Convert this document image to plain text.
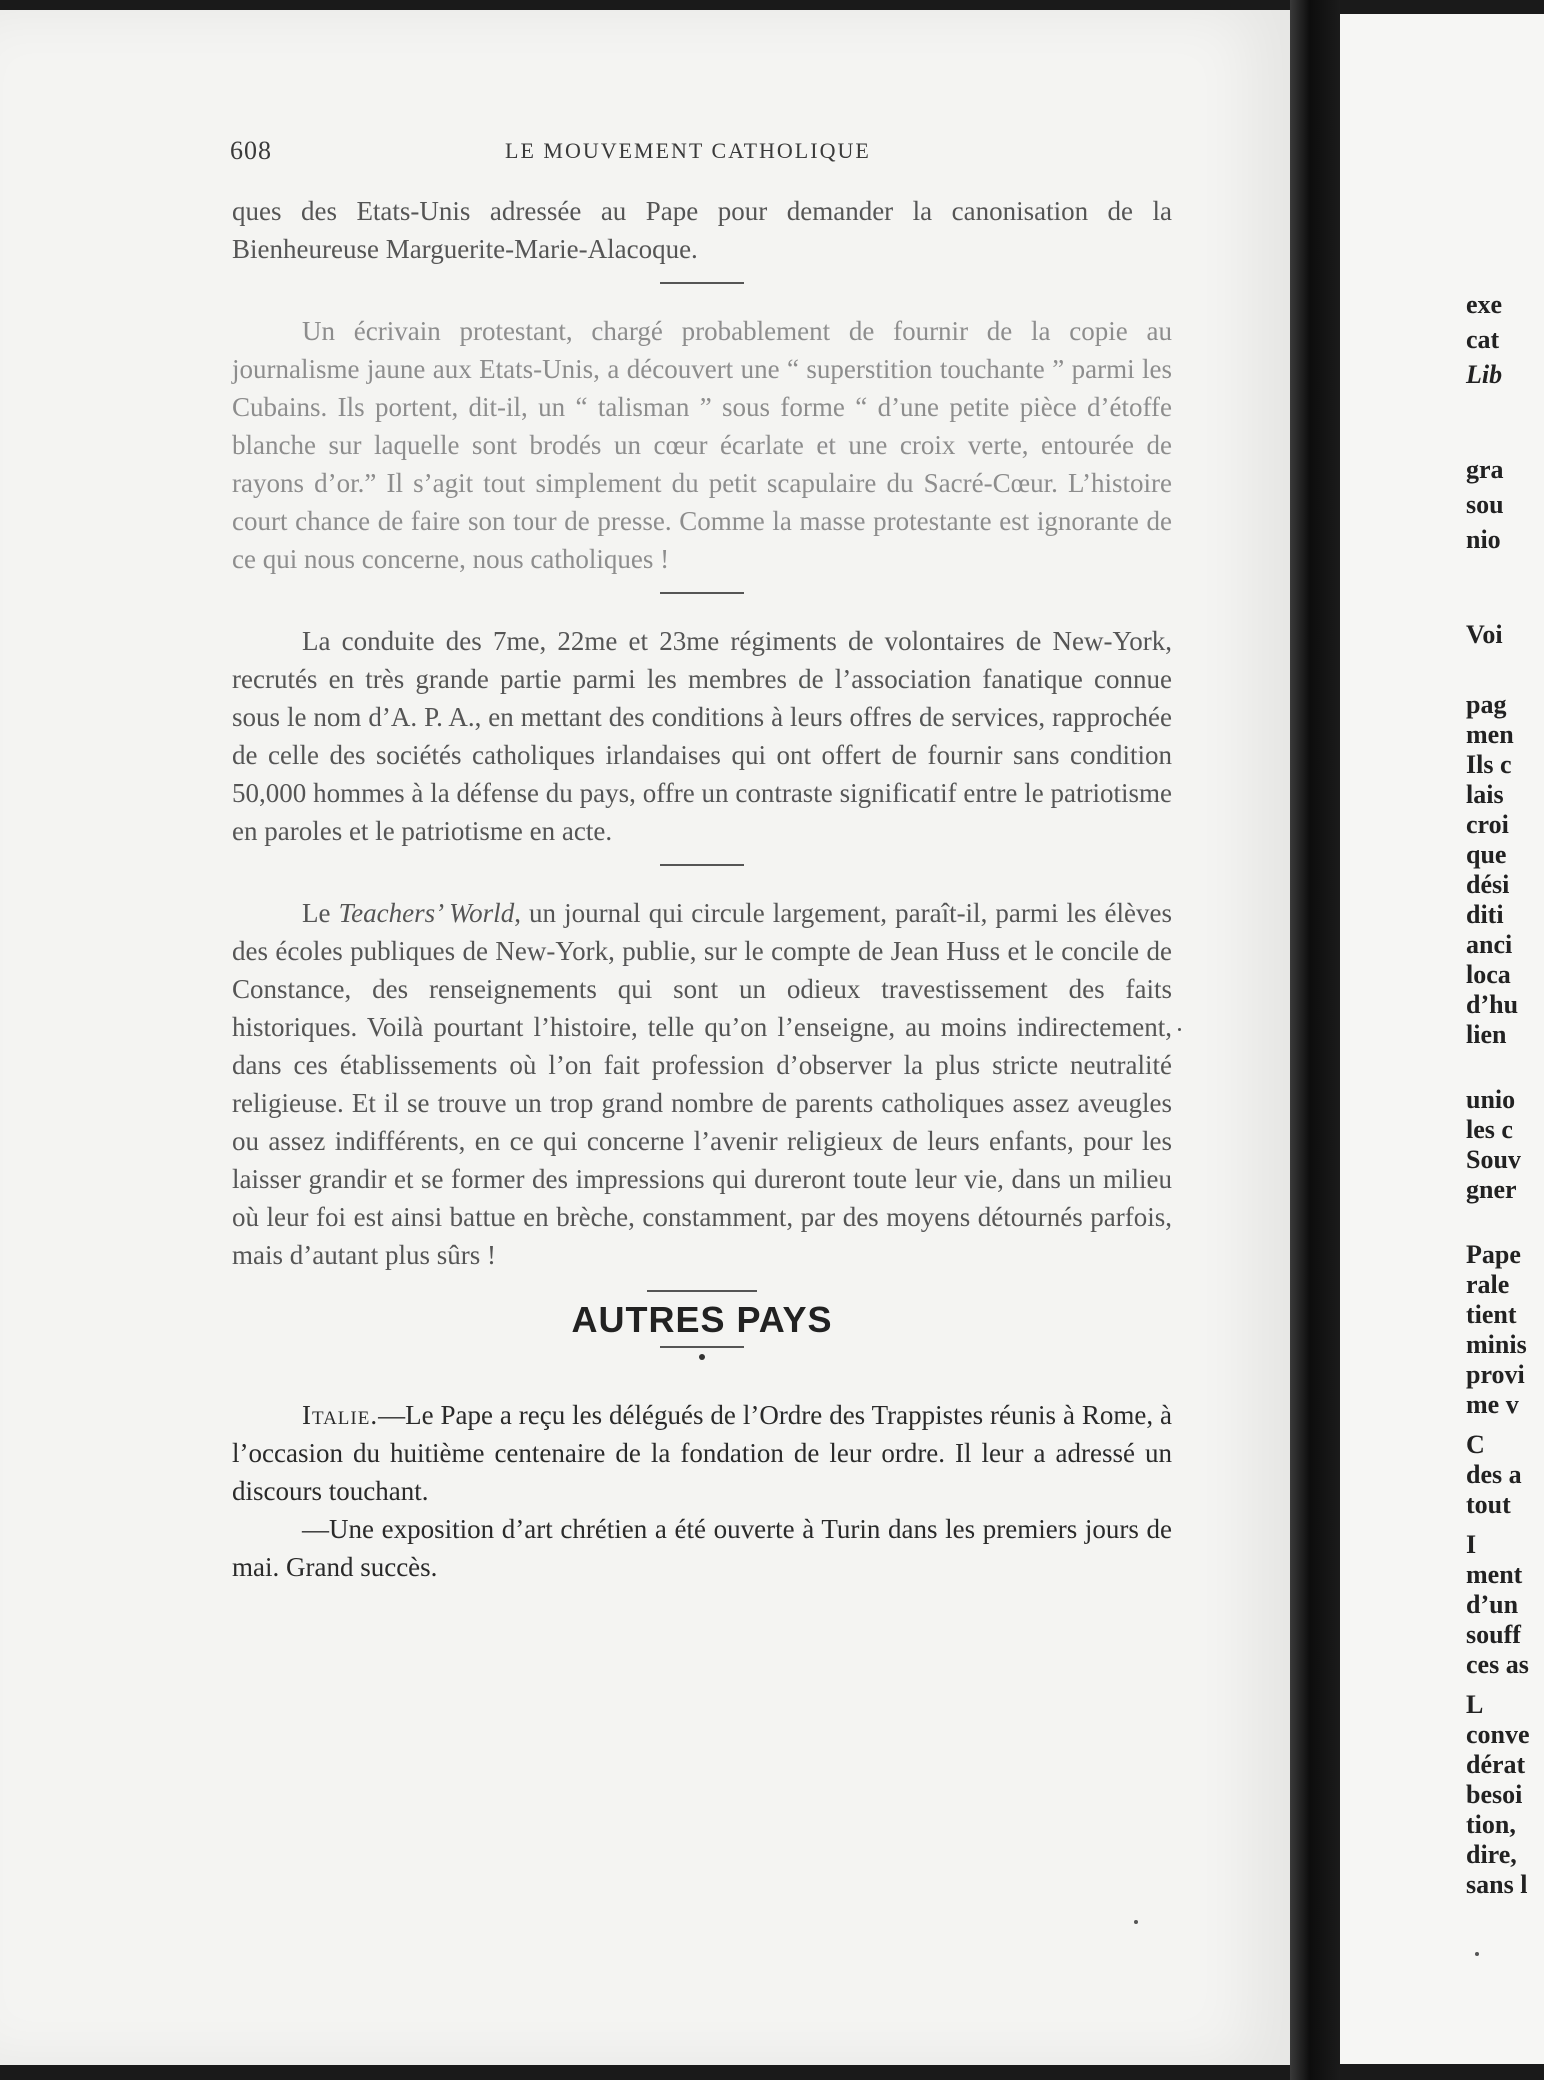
608	LE MOUVEMENT CATHOLIQUE

ques des Etats-Unis adressée au Pape pour demander la canonisation de la Bienheureuse Marguerite-Marie-Alacoque.

Un écrivain protestant, chargé probablement de fournir de la copie au journalisme jaune aux Etats-Unis, a découvert une “ superstition touchante ” parmi les Cubains. Ils portent, dit-il, un “ talisman ” sous forme “ d’une petite pièce d’étoffe blanche sur laquelle sont brodés un cœur écarlate et une croix verte, entourée de rayons d’or.” Il s’agit tout simplement du petit scapulaire du Sacré-Cœur. L’histoire court chance de faire son tour de presse. Comme la masse protestante est ignorante de ce qui nous concerne, nous catholiques !

La conduite des 7me, 22me et 23me régiments de volontaires de New-York, recrutés en très grande partie parmi les membres de l’association fanatique connue sous le nom d’A. P. A., en mettant des conditions à leurs offres de services, rapprochée de celle des sociétés catholiques irlandaises qui ont offert de fournir sans condition 50,000 hommes à la défense du pays, offre un contraste significatif entre le patriotisme en paroles et le patriotisme en acte.

Le Teachers’ World, un journal qui circule largement, paraît-il, parmi les élèves des écoles publiques de New-York, publie, sur le compte de Jean Huss et le concile de Constance, des renseignements qui sont un odieux travestissement des faits historiques. Voilà pourtant l’histoire, telle qu’on l’enseigne, au moins indirectement, dans ces établissements où l’on fait profession d’observer la plus stricte neutralité religieuse. Et il se trouve un trop grand nombre de parents catholiques assez aveugles ou assez indifférents, en ce qui concerne l’avenir religieux de leurs enfants, pour les laisser grandir et se former des impressions qui dureront toute leur vie, dans un milieu où leur foi est ainsi battue en brèche, constamment, par des moyens détournés parfois, mais d’autant plus sûrs !

AUTRES PAYS

Italie.—Le Pape a reçu les délégués de l’Ordre des Trappistes réunis à Rome, à l’occasion du huitième centenaire de la fondation de leur ordre. Il leur a adressé un discours touchant.

—Une exposition d’art chrétien a été ouverte à Turin dans les premiers jours de mai. Grand succès.

exe
cat
Lib
gra
sou
nio
Voi
pag
men
Ils c
lais
croi
que
dési
diti
anci
loca
d’hu
lien
unio
les c
Souv
gner
Pape
rale
tient
minis
provi
me v
C
des a
tout
I
ment
d’un
souff
ces as
L
conve
dérat
besoi
tion,
dire,
sans l
